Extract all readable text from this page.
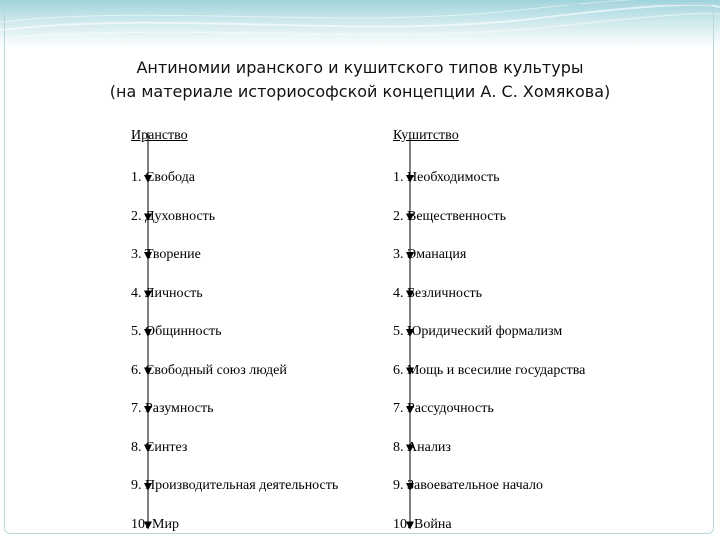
Антиномии иранского и кушитского типов культуры
(на материале историософской концепции А. С. Хомякова)
Иранство	Кушитство
1. Свобода	1. Необходимость
2. Духовность	2. Вещественность
3. Творение	3. Эманация
4. Личность	4. Безличность
5. Общинность	5. Юридический формализм
6. Свободный союз людей	6. Мощь и всесилие государства
7. Разумность	7. Рассудочность
8. Синтез	8. Анализ
9. Производительная деятельность	9. Завоевательное начало
10. Мир	10. Война
